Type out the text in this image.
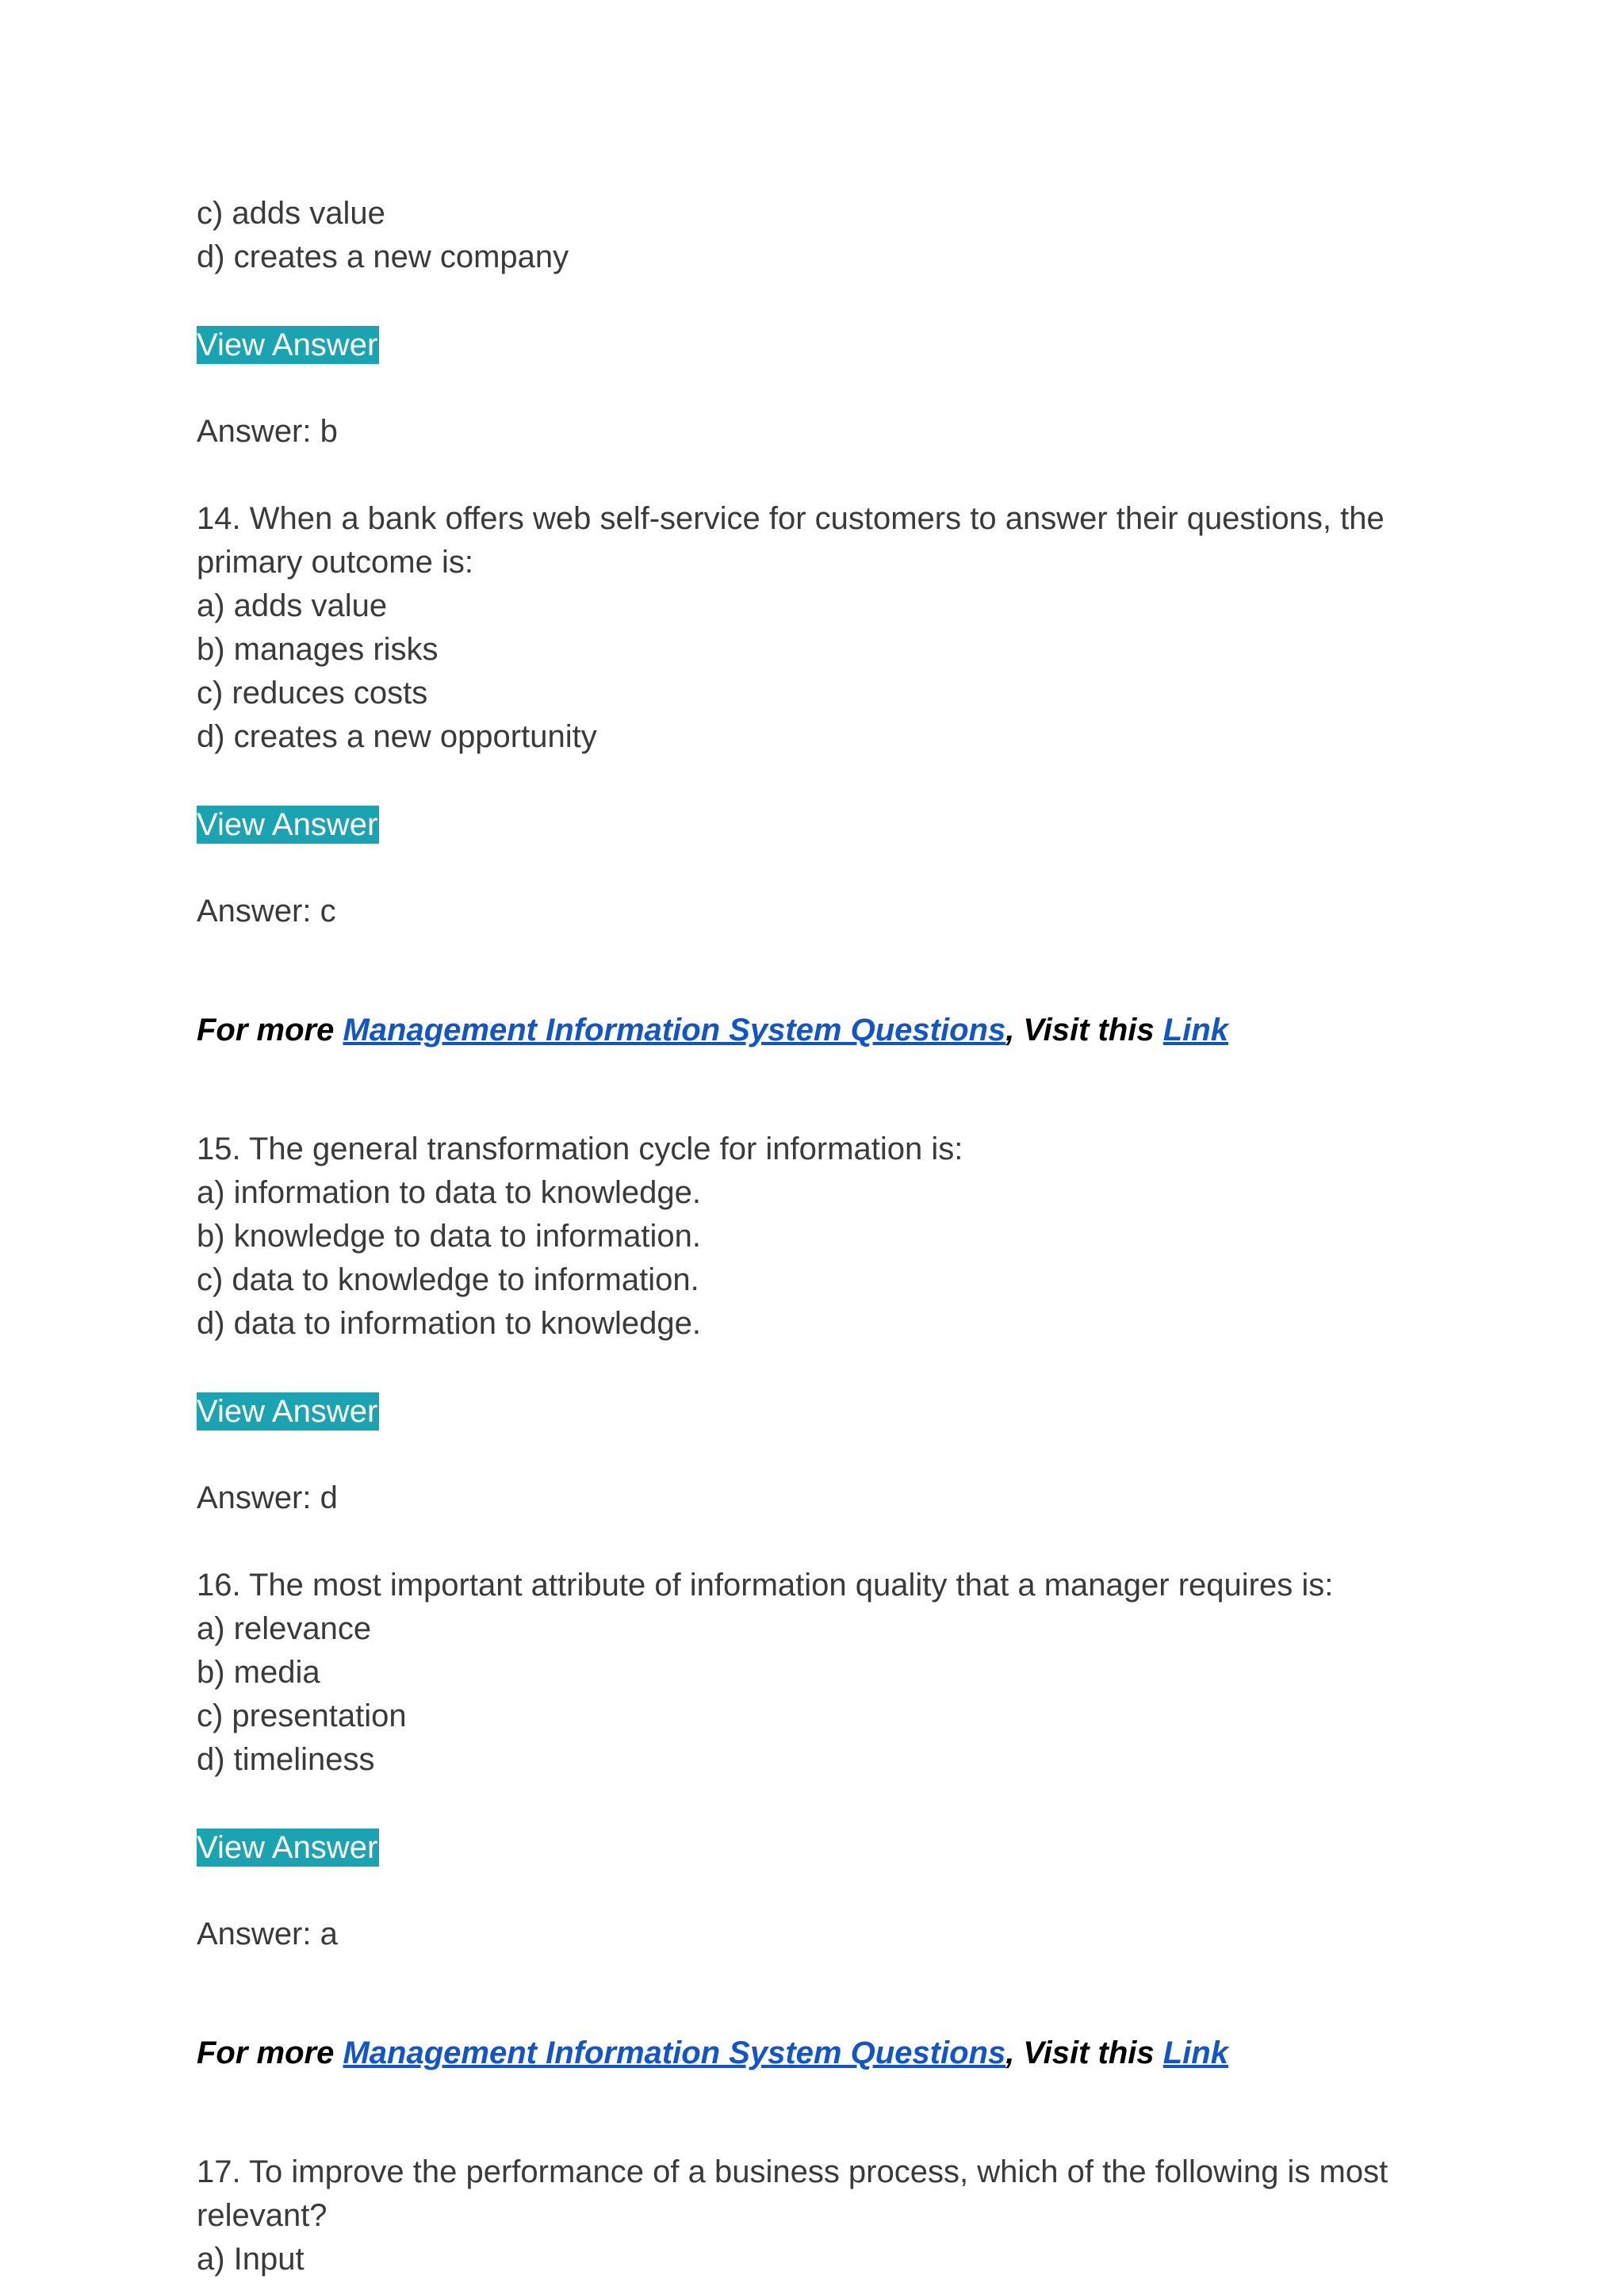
c) adds value

d) creates a new company

View Answer

Answer: b

14. When a bank offers web self-service for customers to answer their questions, the

primary outcome is:

a) adds value

b) manages risks

c) reduces costs

d) creates a new opportunity

View Answer

Answer: c

For more Management Information System Questions, Visit this Link

15. The general transformation cycle for information is:

a) information to data to knowledge.

b) knowledge to data to information.

c) data to knowledge to information.

d) data to information to knowledge.

View Answer

Answer: d

16. The most important attribute of information quality that a manager requires is:

a) relevance

b) media

c) presentation

d) timeliness

View Answer

Answer: a

For more Management Information System Questions, Visit this Link

17. To improve the performance of a business process, which of the following is most

relevant?

a) Input
